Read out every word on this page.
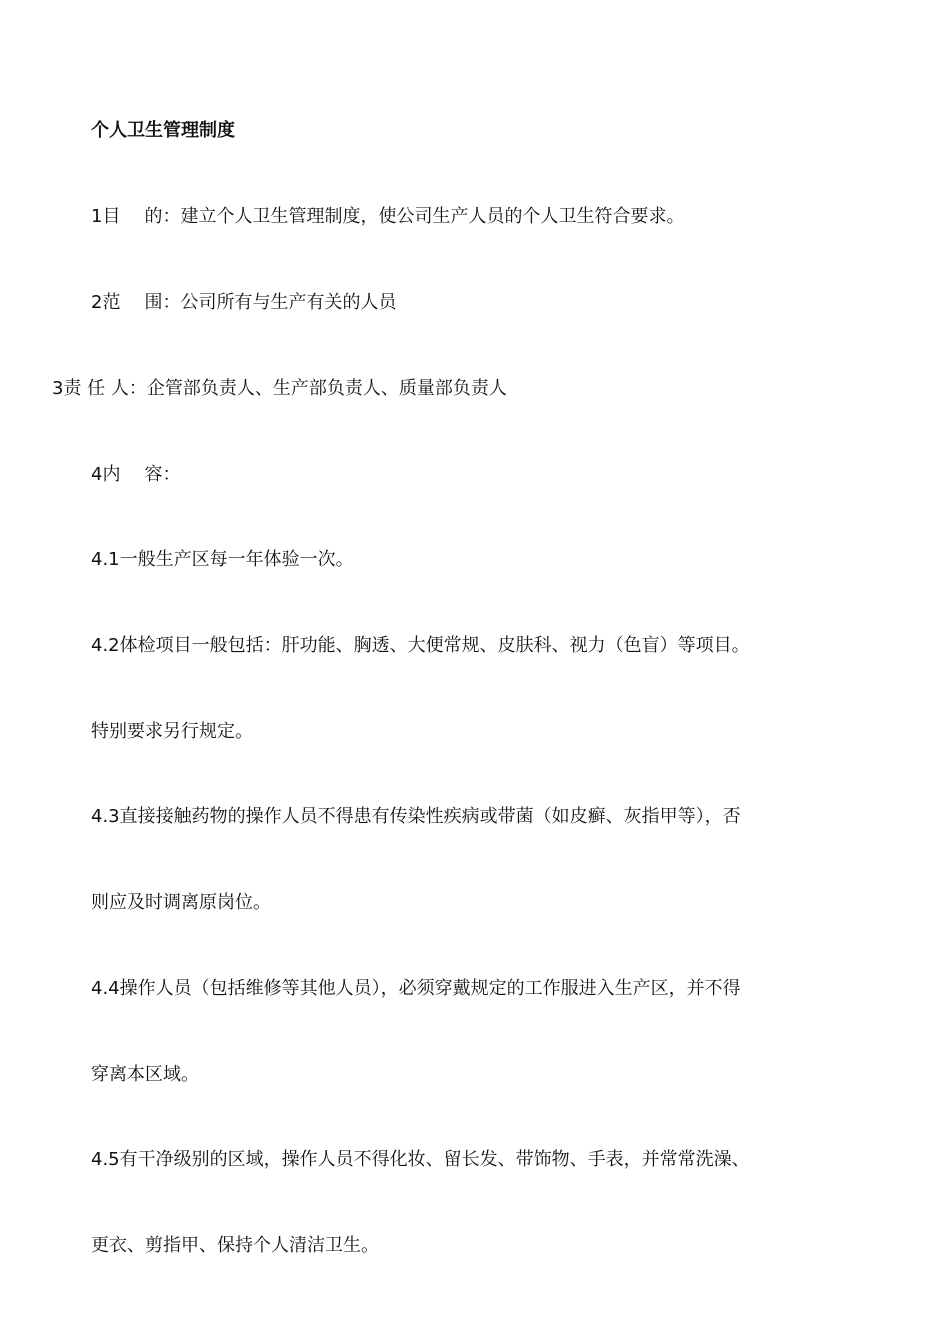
个人卫生管理制度
1目 的：建立个人卫生管理制度，使公司生产人员的个人卫生符合要求。
2范 围：公司所有与生产有关的人员
3责 任 人：企管部负责人、生产部负责人、质量部负责人
4内 容：
4.1一般生产区每一年体验一次。
4.2体检项目一般包括：肝功能、胸透、大便常规、皮肤科、视力（色盲）等项目。
特别要求另行规定。
4.3直接接触药物的操作人员不得患有传染性疾病或带菌（如皮癣、灰指甲等），否
则应及时调离原岗位。
4.4操作人员（包括维修等其他人员），必须穿戴规定的工作服进入生产区，并不得
穿离本区域。
4.5有干净级别的区域，操作人员不得化妆、留长发、带饰物、手表，并常常洗澡、
更衣、剪指甲、保持个人清洁卫生。
